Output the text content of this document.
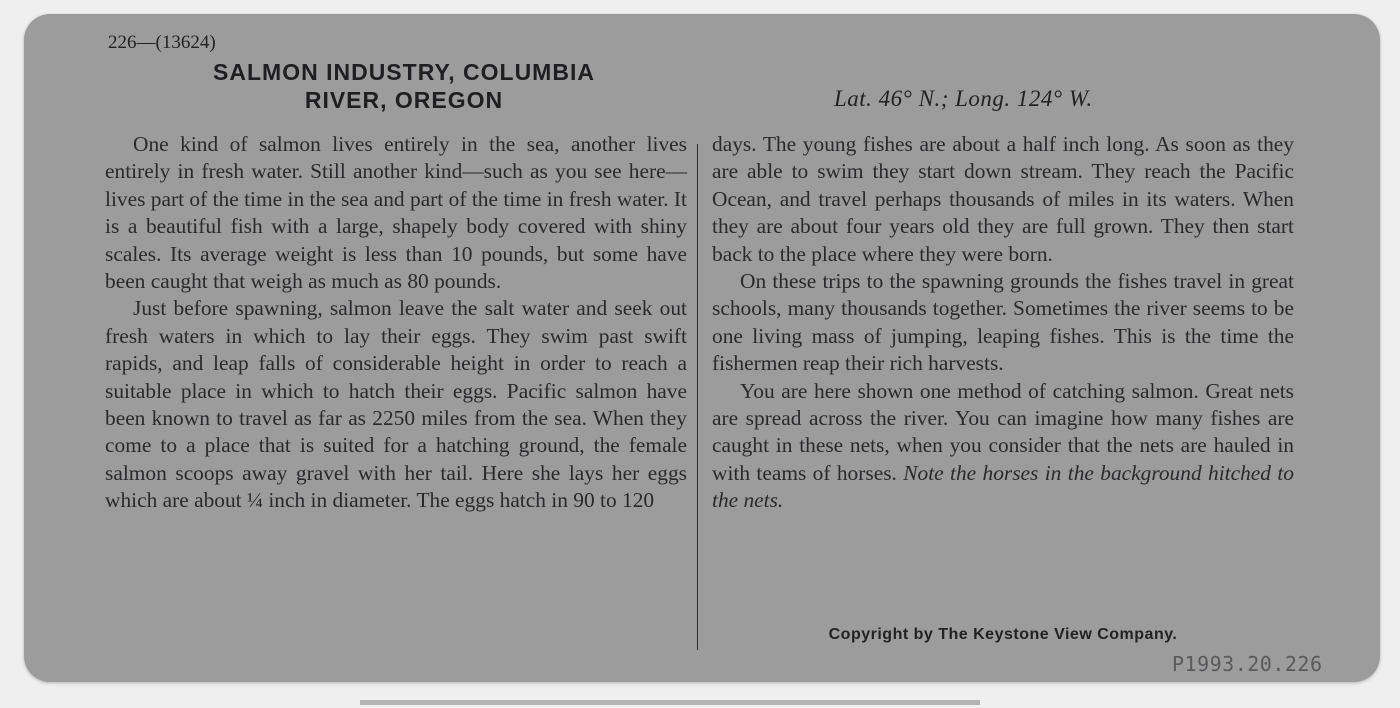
226—(13624)
SALMON INDUSTRY, COLUMBIA
RIVER, OREGON	Lat. 46° N.; Long. 124° W.

One kind of salmon lives entirely in the sea, another lives entirely in fresh water. Still another kind—such as you see here—lives part of the time in the sea and part of the time in fresh water. It is a beautiful fish with a large, shapely body covered with shiny scales. Its average weight is less than 10 pounds, but some have been caught that weigh as much as 80 pounds.

Just before spawning, salmon leave the salt water and seek out fresh waters in which to lay their eggs. They swim past swift rapids, and leap falls of considerable height in order to reach a suitable place in which to hatch their eggs. Pacific salmon have been known to travel as far as 2250 miles from the sea. When they come to a place that is suited for a hatching ground, the female salmon scoops away gravel with her tail. Here she lays her eggs which are about ¼ inch in diameter. The eggs hatch in 90 to 120

days. The young fishes are about a half inch long. As soon as they are able to swim they start down stream. They reach the Pacific Ocean, and travel perhaps thousands of miles in its waters. When they are about four years old they are full grown. They then start back to the place where they were born.

On these trips to the spawning grounds the fishes travel in great schools, many thousands together. Sometimes the river seems to be one living mass of jumping, leaping fishes. This is the time the fishermen reap their rich harvests.

You are here shown one method of catching salmon. Great nets are spread across the river. You can imagine how many fishes are caught in these nets, when you consider that the nets are hauled in with teams of horses. Note the horses in the background hitched to the nets.

Copyright by The Keystone View Company.
P1993.20.226
